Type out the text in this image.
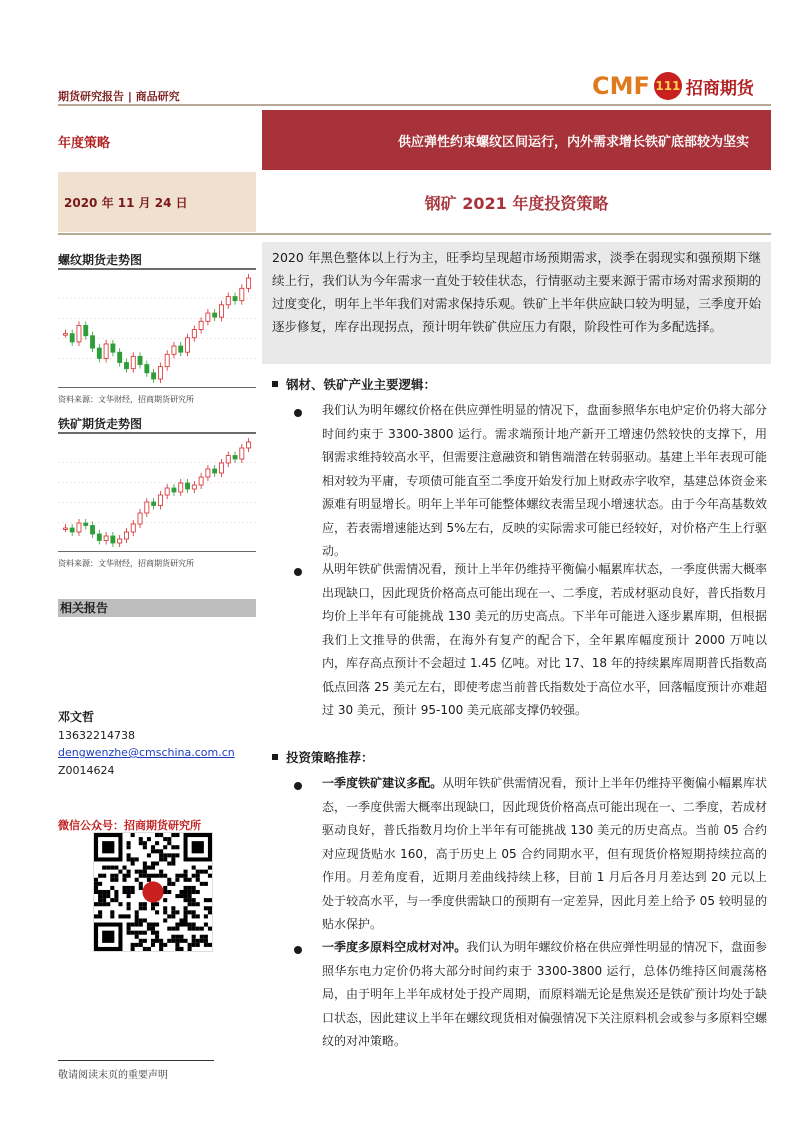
期货研究报告 | 商品研究	CMF 111 招商期货
年度策略	供应弹性约束螺纹区间运行，内外需求增长铁矿底部较为坚实
2020 年 11 月 24 日	钢矿 2021 年度投资策略
螺纹期货走势图
资料来源：文华财经，招商期货研究所
铁矿期货走势图
资料来源：文华财经，招商期货研究所
相关报告
邓文哲
13632214738
dengwenzhe@cmschina.com.cn
Z0014624
微信公众号：招商期货研究所
2020 年黑色整体以上行为主，旺季均呈现超市场预期需求，淡季在弱现实和强预期下继续上行，我们认为今年需求一直处于较佳状态，行情驱动主要来源于需市场对需求预期的过度变化，明年上半年我们对需求保持乐观。铁矿上半年供应缺口较为明显，三季度开始逐步修复，库存出现拐点，预计明年铁矿供应压力有限，阶段性可作为多配选择。
钢材、铁矿产业主要逻辑：
我们认为明年螺纹价格在供应弹性明显的情况下，盘面参照华东电炉定价仍将大部分时间约束于 3300-3800 运行。需求端预计地产新开工增速仍然较快的支撑下，用钢需求维持较高水平，但需要注意融资和销售端潜在转弱驱动。基建上半年表现可能相对较为平庸，专项债可能直至二季度开始发行加上财政赤字收窄，基建总体资金来源难有明显增长。明年上半年可能整体螺纹表需呈现小增速状态。由于今年高基数效应，若表需增速能达到 5%左右，反映的实际需求可能已经较好，对价格产生上行驱动。
从明年铁矿供需情况看，预计上半年仍维持平衡偏小幅累库状态，一季度供需大概率出现缺口，因此现货价格高点可能出现在一、二季度，若成材驱动良好，普氏指数月均价上半年有可能挑战 130 美元的历史高点。下半年可能进入逐步累库期，但根据我们上文推导的供需，在海外有复产的配合下，全年累库幅度预计 2000 万吨以内，库存高点预计不会超过 1.45 亿吨。对比 17、18 年的持续累库周期普氏指数高低点回落 25 美元左右，即使考虑当前普氏指数处于高位水平，回落幅度预计亦难超过 30 美元，预计 95-100 美元底部支撑仍较强。
投资策略推荐：
一季度铁矿建议多配。从明年铁矿供需情况看，预计上半年仍维持平衡偏小幅累库状态，一季度供需大概率出现缺口，因此现货价格高点可能出现在一、二季度，若成材驱动良好，普氏指数月均价上半年有可能挑战 130 美元的历史高点。当前 05 合约对应现货贴水 160，高于历史上 05 合约同期水平，但有现货价格短期持续拉高的作用。月差角度看，近期月差曲线持续上移，目前 1 月后各月月差达到 20 元以上处于较高水平，与一季度供需缺口的预期有一定差异，因此月差上给予 05 较明显的贴水保护。
一季度多原料空成材对冲。我们认为明年螺纹价格在供应弹性明显的情况下，盘面参照华东电力定价仍将大部分时间约束于 3300-3800 运行，总体仍维持区间震荡格局，由于明年上半年成材处于投产周期，而原料端无论是焦炭还是铁矿预计均处于缺口状态，因此建议上半年在螺纹现货相对偏强情况下关注原料机会或参与多原料空螺纹的对冲策略。
敬请阅读末页的重要声明
